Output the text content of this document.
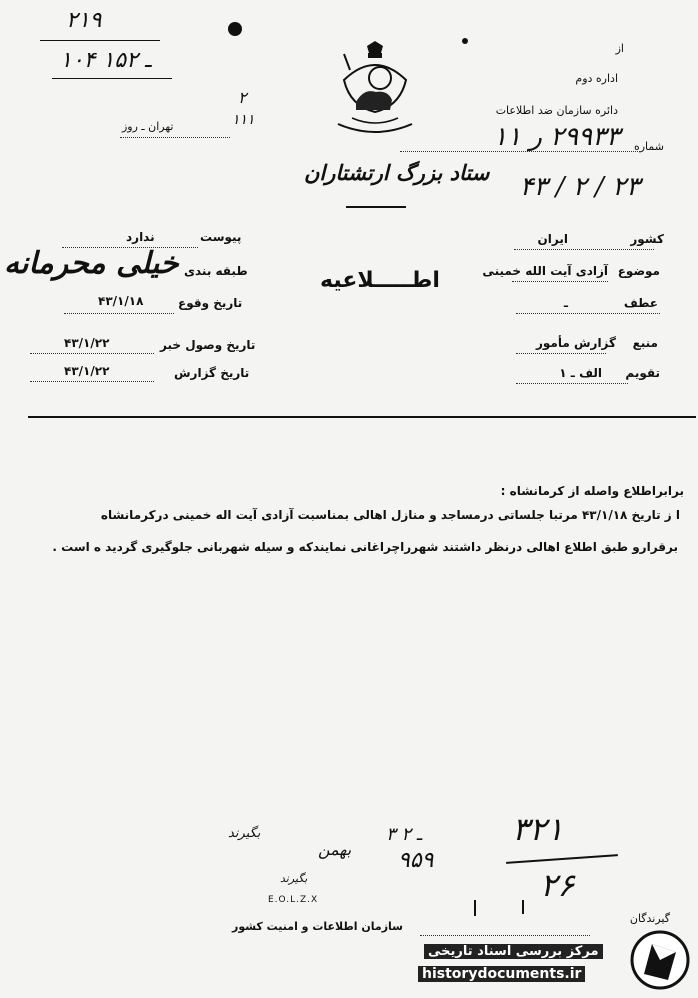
۲۱۹
۱۰۴ ـ ۱۵۲
۲
۱۱۱
از
اداره دوم
دائره سازمان ضد اطلاعات
شماره
۲۹۹۳۳ ر ۱۱
۲۳ / ۲ / ۴۳
تهران ـ روز
ستاد بزرگ ارتشتاران
کشور
ایران
موضوع
آزادی آیت الله خمینی
عطف
ـ
منبع
گزارش مأمور
تقویم
الف ـ ۱
اطـــــلاعیه
پیوست
ندارد
طبقه بندی
خیلی محرمانه
تاریخ وقوع
۴۳/۱/۱۸
تاریخ وصول خبر
۴۳/۱/۲۲
تاریخ گزارش
۴۳/۱/۲۲
برابراطلاع واصله از کرمانشاه :
ا ز تاریخ ۴۳/۱/۱۸ مرتبا جلساتی درمساجد و منازل اهالی بمناسبت آزادی آیت اله خمینی درکرمانشاه
برقرارو طبق اطلاع اهالی درنظر داشتند شهرراچراغانی نمایندکه و سیله شهربانی جلوگیری گردید ه است .
۳۲۱
۲۶
۹۵۹
۳ ـ ۲
بگیرند
بگیرند
بهمن
E.O.L.Z.X
گیرندگان
سازمان اطلاعات و امنیت کشور
مرکز بررسی اسناد تاریخی
historydocuments.ir
